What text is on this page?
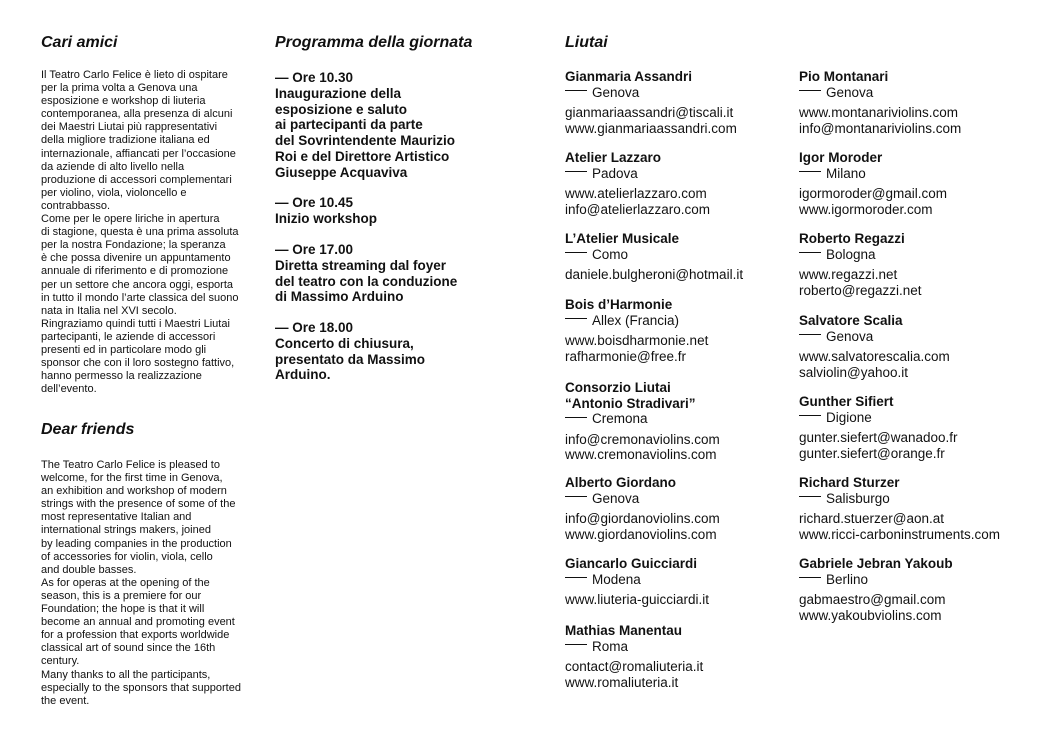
Cari amici

Il Teatro Carlo Felice è lieto di ospitare
per la prima volta a Genova una
esposizione e workshop di liuteria
contemporanea, alla presenza di alcuni
dei Maestri Liutai più rappresentativi
della migliore tradizione italiana ed
internazionale, affiancati per l’occasione
da aziende di alto livello nella
produzione di accessori complementari
per violino, viola, violoncello e
contrabbasso.
Come per le opere liriche in apertura
di stagione, questa è una prima assoluta
per la nostra Fondazione; la speranza
è che possa divenire un appuntamento
annuale di riferimento e di promozione
per un settore che ancora oggi, esporta
in tutto il mondo l’arte classica del suono
nata in Italia nel XVI secolo.
Ringraziamo quindi tutti i Maestri Liutai
partecipanti, le aziende di accessori
presenti ed in particolare modo gli
sponsor che con il loro sostegno fattivo,
hanno permesso la realizzazione
dell’evento.

Dear friends

The Teatro Carlo Felice is pleased to
welcome, for the first time in Genova,
an exhibition and workshop of modern
strings with the presence of some of the
most representative Italian and
international strings makers, joined
by leading companies in the production
of accessories for violin, viola, cello
and double basses.
As for operas at the opening of the
season, this is a premiere for our
Foundation; the hope is that it will
become an annual and promoting event
for a profession that exports worldwide
classical art of sound since the 16th
century.
Many thanks to all the participants,
especially to the sponsors that supported
the event.

Programma della giornata

— Ore 10.30
Inaugurazione della
esposizione e saluto
ai partecipanti da parte
del Sovrintendente Maurizio
Roi e del Direttore Artistico
Giuseppe Acquaviva

— Ore 10.45
Inizio workshop

— Ore 17.00
Diretta streaming dal foyer
del teatro con la conduzione
di Massimo Arduino

— Ore 18.00
Concerto di chiusura,
presentato da Massimo
Arduino.

Liutai
Gianmaria Assandri
Genova
gianmariaassandri@tiscali.it
www.gianmariaassandri.com
Atelier Lazzaro
Padova
www.atelierlazzaro.com
info@atelierlazzaro.com
L’Atelier Musicale
Como
daniele.bulgheroni@hotmail.it
Bois d’Harmonie
Allex (Francia)
www.boisdharmonie.net
rafharmonie@free.fr
Consorzio Liutai
“Antonio Stradivari”
Cremona
info@cremonaviolins.com
www.cremonaviolins.com
Alberto Giordano
Genova
info@giordanoviolins.com
www.giordanoviolins.com
Giancarlo Guicciardi
Modena
www.liuteria-guicciardi.it
Mathias Manentau
Roma
contact@romaliuteria.it
www.romaliuteria.it
Pio Montanari
Genova
www.montanariviolins.com
info@montanariviolins.com
Igor Moroder
Milano
igormoroder@gmail.com
www.igormoroder.com
Roberto Regazzi
Bologna
www.regazzi.net
roberto@regazzi.net
Salvatore Scalia
Genova
www.salvatorescalia.com
salviolin@yahoo.it
Gunther Sifiert
Digione
gunter.siefert@wanadoo.fr
gunter.siefert@orange.fr
Richard Sturzer
Salisburgo
richard.stuerzer@aon.at
www.ricci-carboninstruments.com
Gabriele Jebran Yakoub
Berlino
gabmaestro@gmail.com
www.yakoubviolins.com
